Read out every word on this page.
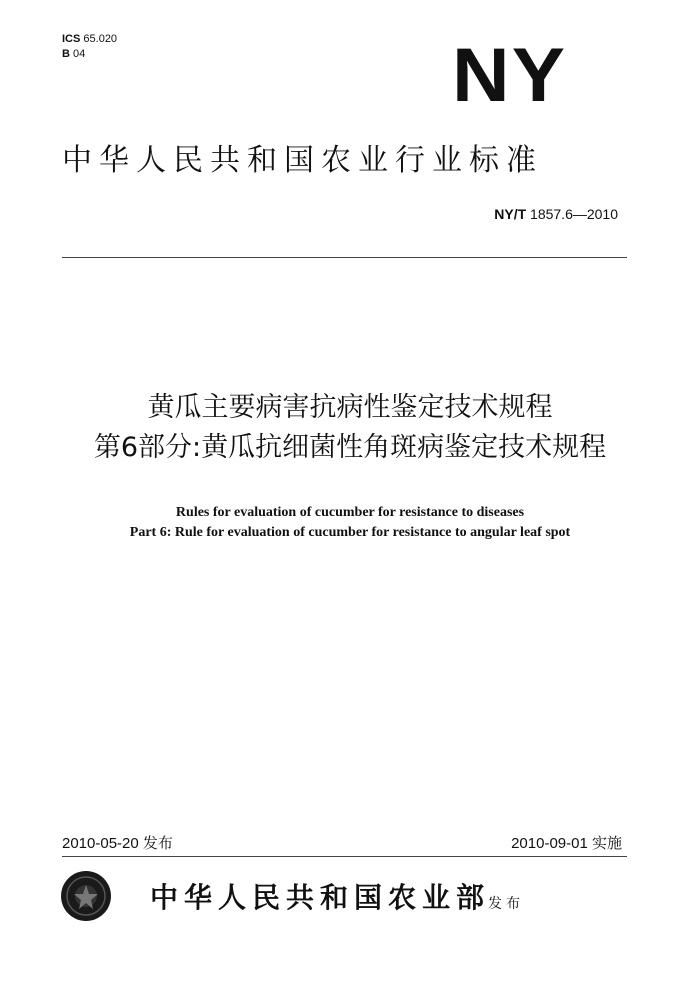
ICS 65.020
B 04	NY
中华人民共和国农业行业标准
NY/T 1857.6—2010
黄瓜主要病害抗病性鉴定技术规程
第6部分:黄瓜抗细菌性角斑病鉴定技术规程
Rules for evaluation of cucumber for resistance to diseases
Part 6: Rule for evaluation of cucumber for resistance to angular leaf spot
2010-05-20 发布	2010-09-01 实施
中华人民共和国农业部
发布
